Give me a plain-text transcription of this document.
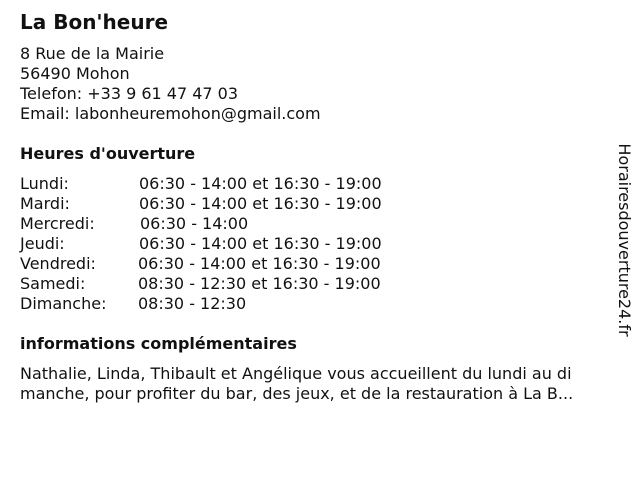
La Bon'heure
8 Rue de la Mairie
56490 Mohon
Telefon: +33 9 61 47 47 03
Email: labonheuremohon@gmail.com
Heures d'ouverture
Lundi:	06:30 - 14:00 et 16:30 - 19:00
Mardi:	06:30 - 14:00 et 16:30 - 19:00
Mercredi:	06:30 - 14:00
Jeudi:	06:30 - 14:00 et 16:30 - 19:00
Vendredi:	06:30 - 14:00 et 16:30 - 19:00
Samedi:	08:30 - 12:30 et 16:30 - 19:00
Dimanche:	08:30 - 12:30
informations complémentaires
Nathalie, Linda, Thibault et Angélique vous accueillent du lundi au di
manche, pour profiter du bar, des jeux, et de la restauration à La B...
Horairesdouverture24.fr
